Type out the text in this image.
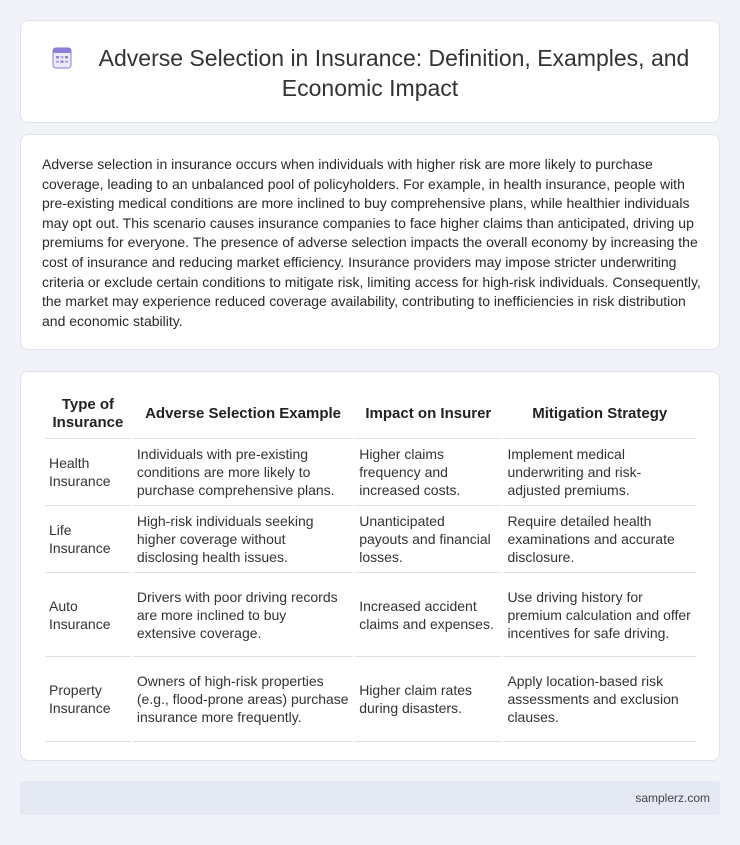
Adverse Selection in Insurance: Definition, Examples, and Economic Impact

Adverse selection in insurance occurs when individuals with higher risk are more likely to purchase coverage, leading to an unbalanced pool of policyholders. For example, in health insurance, people with pre-existing medical conditions are more inclined to buy comprehensive plans, while healthier individuals may opt out. This scenario causes insurance companies to face higher claims than anticipated, driving up premiums for everyone. The presence of adverse selection impacts the overall economy by increasing the cost of insurance and reducing market efficiency. Insurance providers may impose stricter underwriting criteria or exclude certain conditions to mitigate risk, limiting access for high-risk individuals. Consequently, the market may experience reduced coverage availability, contributing to inefficiencies in risk distribution and economic stability.

Type of Insurance	Adverse Selection Example	Impact on Insurer	Mitigation Strategy
Health Insurance	Individuals with pre-existing conditions are more likely to purchase comprehensive plans.	Higher claims frequency and increased costs.	Implement medical underwriting and risk-adjusted premiums.
Life Insurance	High-risk individuals seeking higher coverage without disclosing health issues.	Unanticipated payouts and financial losses.	Require detailed health examinations and accurate disclosure.
Auto Insurance	Drivers with poor driving records are more inclined to buy extensive coverage.	Increased accident claims and expenses.	Use driving history for premium calculation and offer incentives for safe driving.
Property Insurance	Owners of high-risk properties (e.g., flood-prone areas) purchase insurance more frequently.	Higher claim rates during disasters.	Apply location-based risk assessments and exclusion clauses.
samplerz.com
